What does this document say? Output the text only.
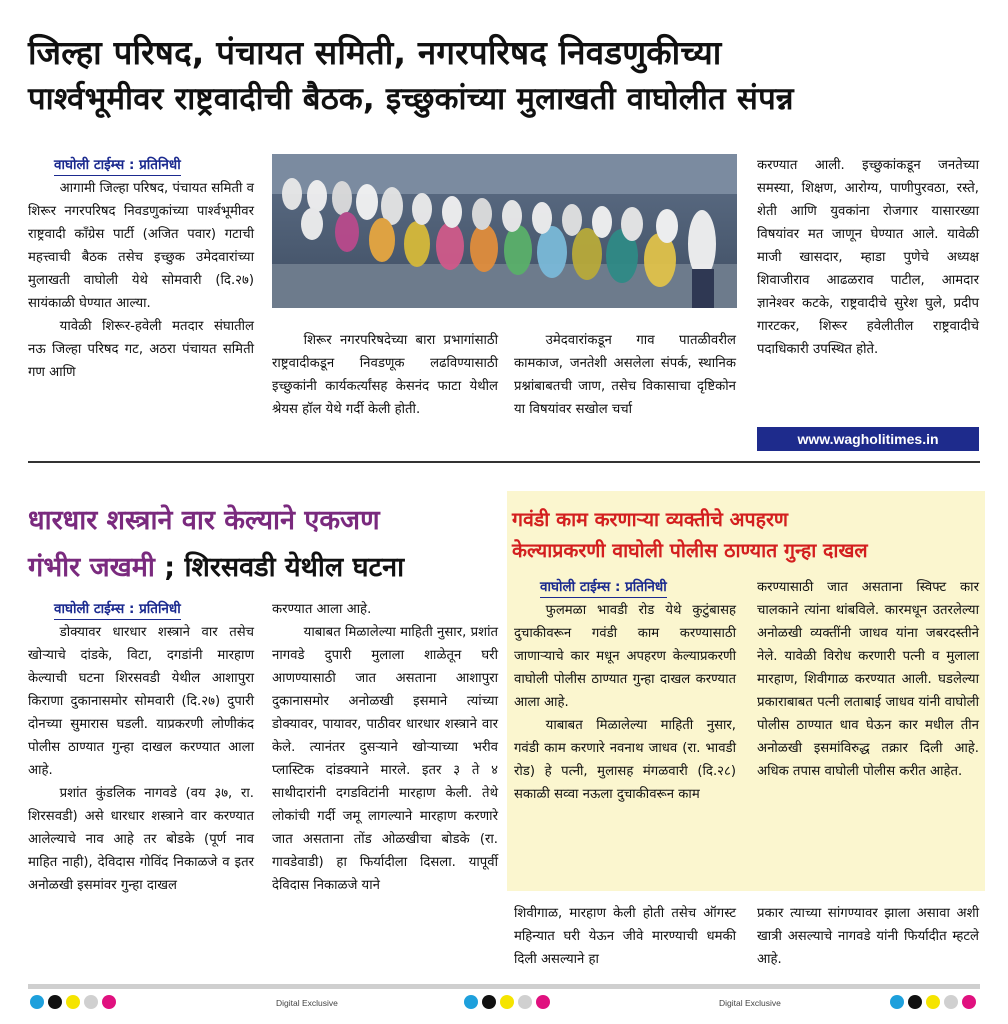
जिल्हा परिषद, पंचायत समिती, नगरपरिषद निवडणुकीच्या
पार्श्वभूमीवर राष्ट्रवादीची बैठक, इच्छुकांच्या मुलाखती वाघोलीत संपन्न
वाघोली टाईम्स : प्रतिनिधी

आगामी जिल्हा परिषद, पंचायत समिती व शिरूर नगरपरिषद निवडणुकांच्या पार्श्वभूमीवर राष्ट्रवादी काँग्रेस पार्टी (अजित पवार) गटाची महत्त्वाची बैठक तसेच इच्छुक उमेदवारांच्या मुलाखती वाघोली येथे सोमवारी (दि.२७) सायंकाळी घेण्यात आल्या.

यावेळी शिरूर-हवेली मतदार संघातील नऊ जिल्हा परिषद गट, अठरा पंचायत समिती गण आणि

शिरूर नगरपरिषदेच्या बारा प्रभागांसाठी राष्ट्रवादीकडून निवडणूक लढविण्यासाठी इच्छुकांनी कार्यकर्त्यांसह केसनंद फाटा येथील श्रेयस हॉल येथे गर्दी केली होती.

उमेदवारांकडून गाव पातळीवरील कामकाज, जनतेशी असलेला संपर्क, स्थानिक प्रश्नांबाबतची जाण, तसेच विकासाचा दृष्टिकोन या विषयांवर सखोल चर्चा

करण्यात आली. इच्छुकांकडून जनतेच्या समस्या, शिक्षण, आरोग्य, पाणीपुरवठा, रस्ते, शेती आणि युवकांना रोजगार यासारख्या विषयांवर मत जाणून घेण्यात आले. यावेळी माजी खासदार, म्हाडा पुणेचे अध्यक्ष शिवाजीराव आढळराव पाटील, आमदार ज्ञानेश्वर कटके, राष्ट्रवादीचे सुरेश घुले, प्रदीप गारटकर, शिरूर हवेलीतील राष्ट्रवादीचे पदाधिकारी उपस्थित होते.

www.wagholitimes.in
धारधार शस्त्राने वार केल्याने एकजण
गंभीर जखमी ; शिरसवडी येथील घटना
वाघोली टाईम्स : प्रतिनिधी

डोक्यावर धारधार शस्त्राने वार तसेच खोऱ्याचे दांडके, विटा, दगडांनी मारहाण केल्याची घटना शिरसवडी येथील आशापुरा किराणा दुकानासमोर सोमवारी (दि.२७) दुपारी दोनच्या सुमारास घडली. याप्रकरणी लोणीकंद पोलीस ठाण्यात गुन्हा दाखल करण्यात आला आहे.

प्रशांत कुंडलिक नागवडे (वय ३७, रा. शिरसवडी) असे धारधार शस्त्राने वार करण्यात आलेल्याचे नाव आहे तर बोडके (पूर्ण नाव माहित नाही), देविदास गोविंद निकाळजे व इतर अनोळखी इसमांवर गुन्हा दाखल

करण्यात आला आहे.

याबाबत मिळालेल्या माहिती नुसार, प्रशांत नागवडे दुपारी मुलाला शाळेतून घरी आणण्यासाठी जात असताना आशापुरा दुकानासमोर अनोळखी इसमाने त्यांच्या डोक्यावर, पायावर, पाठीवर धारधार शस्त्राने वार केले. त्यानंतर दुसऱ्याने खोऱ्याच्या भरीव प्लास्टिक दांडक्याने मारले. इतर ३ ते ४ साथीदारांनी दगडविटांनी मारहाण केली. तेथे लोकांची गर्दी जमू लागल्याने मारहाण करणारे जात असताना तोंड ओळखीचा बोडके (रा. गावडेवाडी) हा फिर्यादीला दिसला. यापूर्वी देविदास निकाळजे याने

शिवीगाळ, मारहाण केली होती तसेच ऑगस्ट महिन्यात घरी येऊन जीवे मारण्याची धमकी दिली असल्याने हा

प्रकार त्याच्या सांगण्यावर झाला असावा अशी खात्री असल्याचे नागवडे यांनी फिर्यादीत म्हटले आहे.

गवंडी काम करणाऱ्या व्यक्तीचे अपहरण
केल्याप्रकरणी वाघोली पोलीस ठाण्यात गुन्हा दाखल
वाघोली टाईम्स : प्रतिनिधी

फुलमळा भावडी रोड येथे कुटुंबासह दुचाकीवरून गवंडी काम करण्यासाठी जाणाऱ्याचे कार मधून अपहरण केल्याप्रकरणी वाघोली पोलीस ठाण्यात गुन्हा दाखल करण्यात आला आहे.

याबाबत मिळालेल्या माहिती नुसार, गवंडी काम करणारे नवनाथ जाधव (रा. भावडी रोड) हे पत्नी, मुलासह मंगळवारी (दि.२८) सकाळी सव्वा नऊला दुचाकीवरून काम

करण्यासाठी जात असताना स्विफ्ट कार चालकाने त्यांना थांबविले. कारमधून उतरलेल्या अनोळखी व्यक्तींनी जाधव यांना जबरदस्तीने नेले. यावेळी विरोध करणारी पत्नी व मुलाला मारहाण, शिवीगाळ करण्यात आली. घडलेल्या प्रकाराबाबत पत्नी लताबाई जाधव यांनी वाघोली पोलीस ठाण्यात धाव घेऊन कार मधील तीन अनोळखी इसमांविरुद्ध तक्रार दिली आहे. अधिक तपास वाघोली पोलीस करीत आहेत.

Digital Exclusive	Digital Exclusive
